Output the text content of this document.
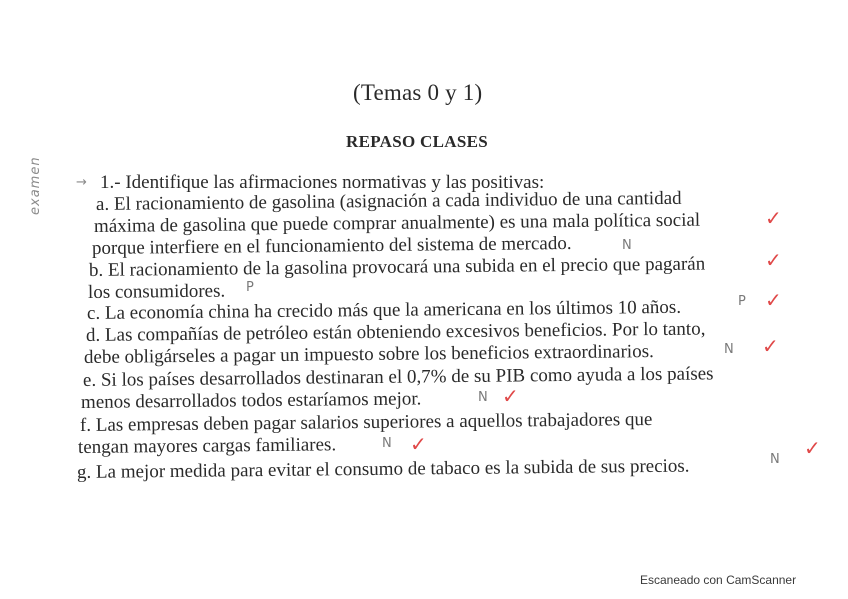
(Temas 0 y 1)
REPASO CLASES
examen	→ 1.- Identifique las afirmaciones normativas y las positivas:
a. El racionamiento de gasolina (asignación a cada individuo de una cantidad
máxima de gasolina que puede comprar anualmente) es una mala política social
porque interfiere en el funcionamiento del sistema de mercado.	N
✓
b. El racionamiento de la gasolina provocará una subida en el precio que pagarán
los consumidores. P
✓
c. La economía china ha crecido más que la americana en los últimos 10 años.	P ✓
d. Las compañías de petróleo están obteniendo excesivos beneficios. Por lo tanto,
debe obligárseles a pagar un impuesto sobre los beneficios extraordinarios.	N ✓
e. Si los países desarrollados destinaran el 0,7% de su PIB como ayuda a los países
menos desarrollados todos estaríamos mejor.	N ✓
f. Las empresas deben pagar salarios superiores a aquellos trabajadores que
tengan mayores cargas familiares.	N ✓
g. La mejor medida para evitar el consumo de tabaco es la subida de sus precios.	N ✓
Escaneado con CamScanner
